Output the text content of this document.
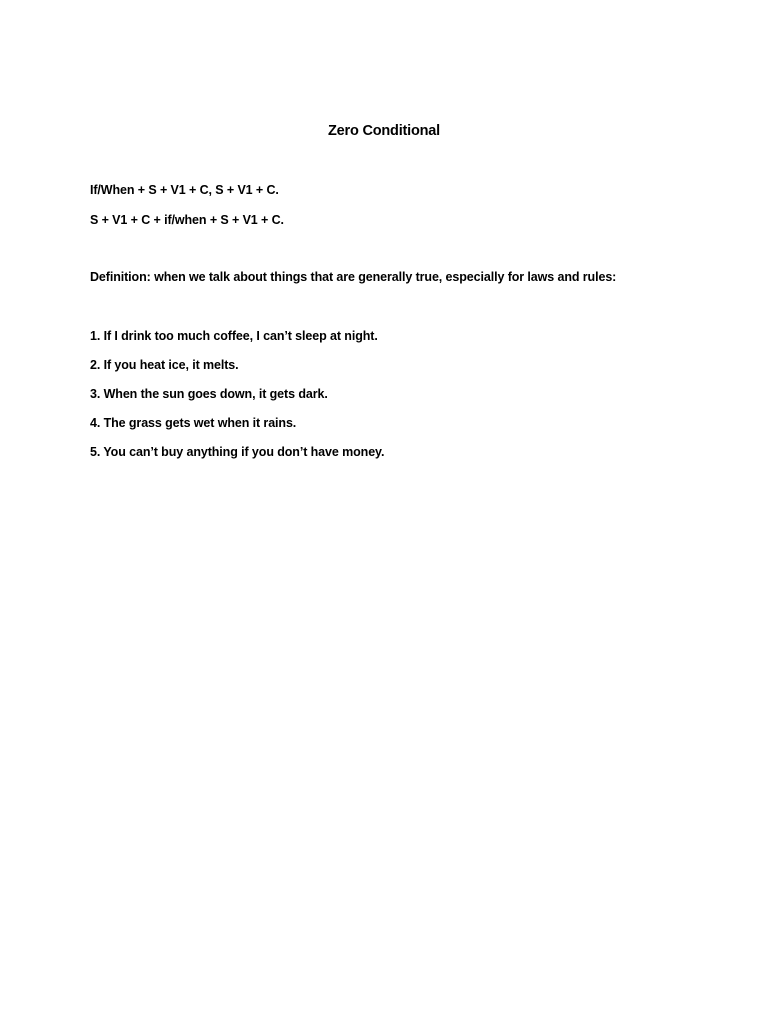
Zero Conditional
If/When + S + V1 + C, S + V1 + C.
S + V1 + C + if/when + S + V1 + C.
Definition: when we talk about things that are generally true, especially for laws and rules:
1. If I drink too much coffee, I can’t sleep at night.
2. If you heat ice, it melts.
3. When the sun goes down, it gets dark.
4. The grass gets wet when it rains.
5. You can’t buy anything if you don’t have money.
